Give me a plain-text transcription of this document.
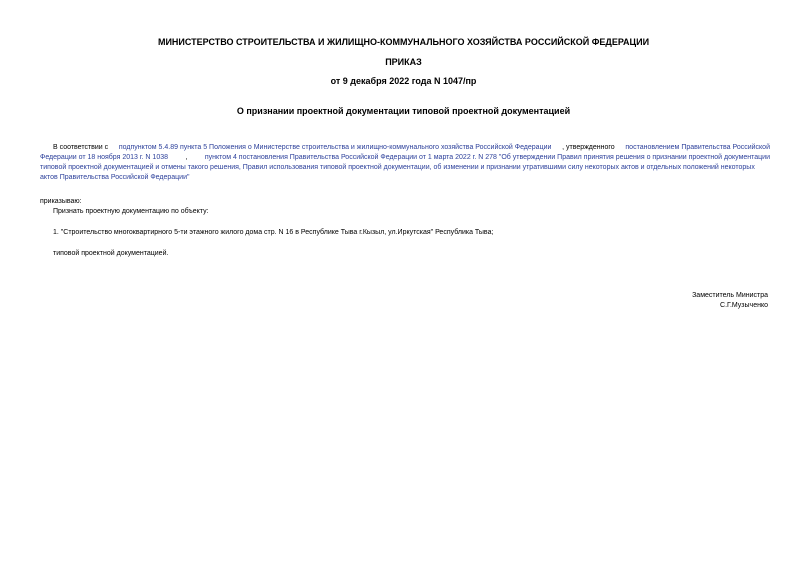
МИНИСТЕРСТВО СТРОИТЕЛЬСТВА И ЖИЛИЩНО-КОММУНАЛЬНОГО ХОЗЯЙСТВА РОССИЙСКОЙ ФЕДЕРАЦИИ
ПРИКАЗ
от 9 декабря 2022 года N 1047/пр
О признании проектной документации типовой проектной документацией
В соответствии с подпунктом 5.4.89 пункта 5 Положения о Министерстве строительства и жилищно-коммунального хозяйства Российской Федерации , утвержденного постановлением Правительства Российской
Федерации от 18 ноября 2013 г. N 1038 , пунктом 4 постановления Правительства Российской Федерации от 1 марта 2022 г. N 278 "Об утверждении Правил принятия решения о признании проектной документации
типовой проектной документацией и отмены такого решения, Правил использования типовой проектной документации, об изменении и признании утратившими силу некоторых актов и отдельных положений некоторых
актов Правительства Российской Федерации"
приказываю:
Признать проектную документацию по объекту:
1. "Строительство многоквартирного 5-ти этажного жилого дома стр. N 16 в Республике Тыва г.Кызыл, ул.Иркутская" Республика Тыва;
типовой проектной документацией.
Заместитель Министра
С.Г.Музыченко
